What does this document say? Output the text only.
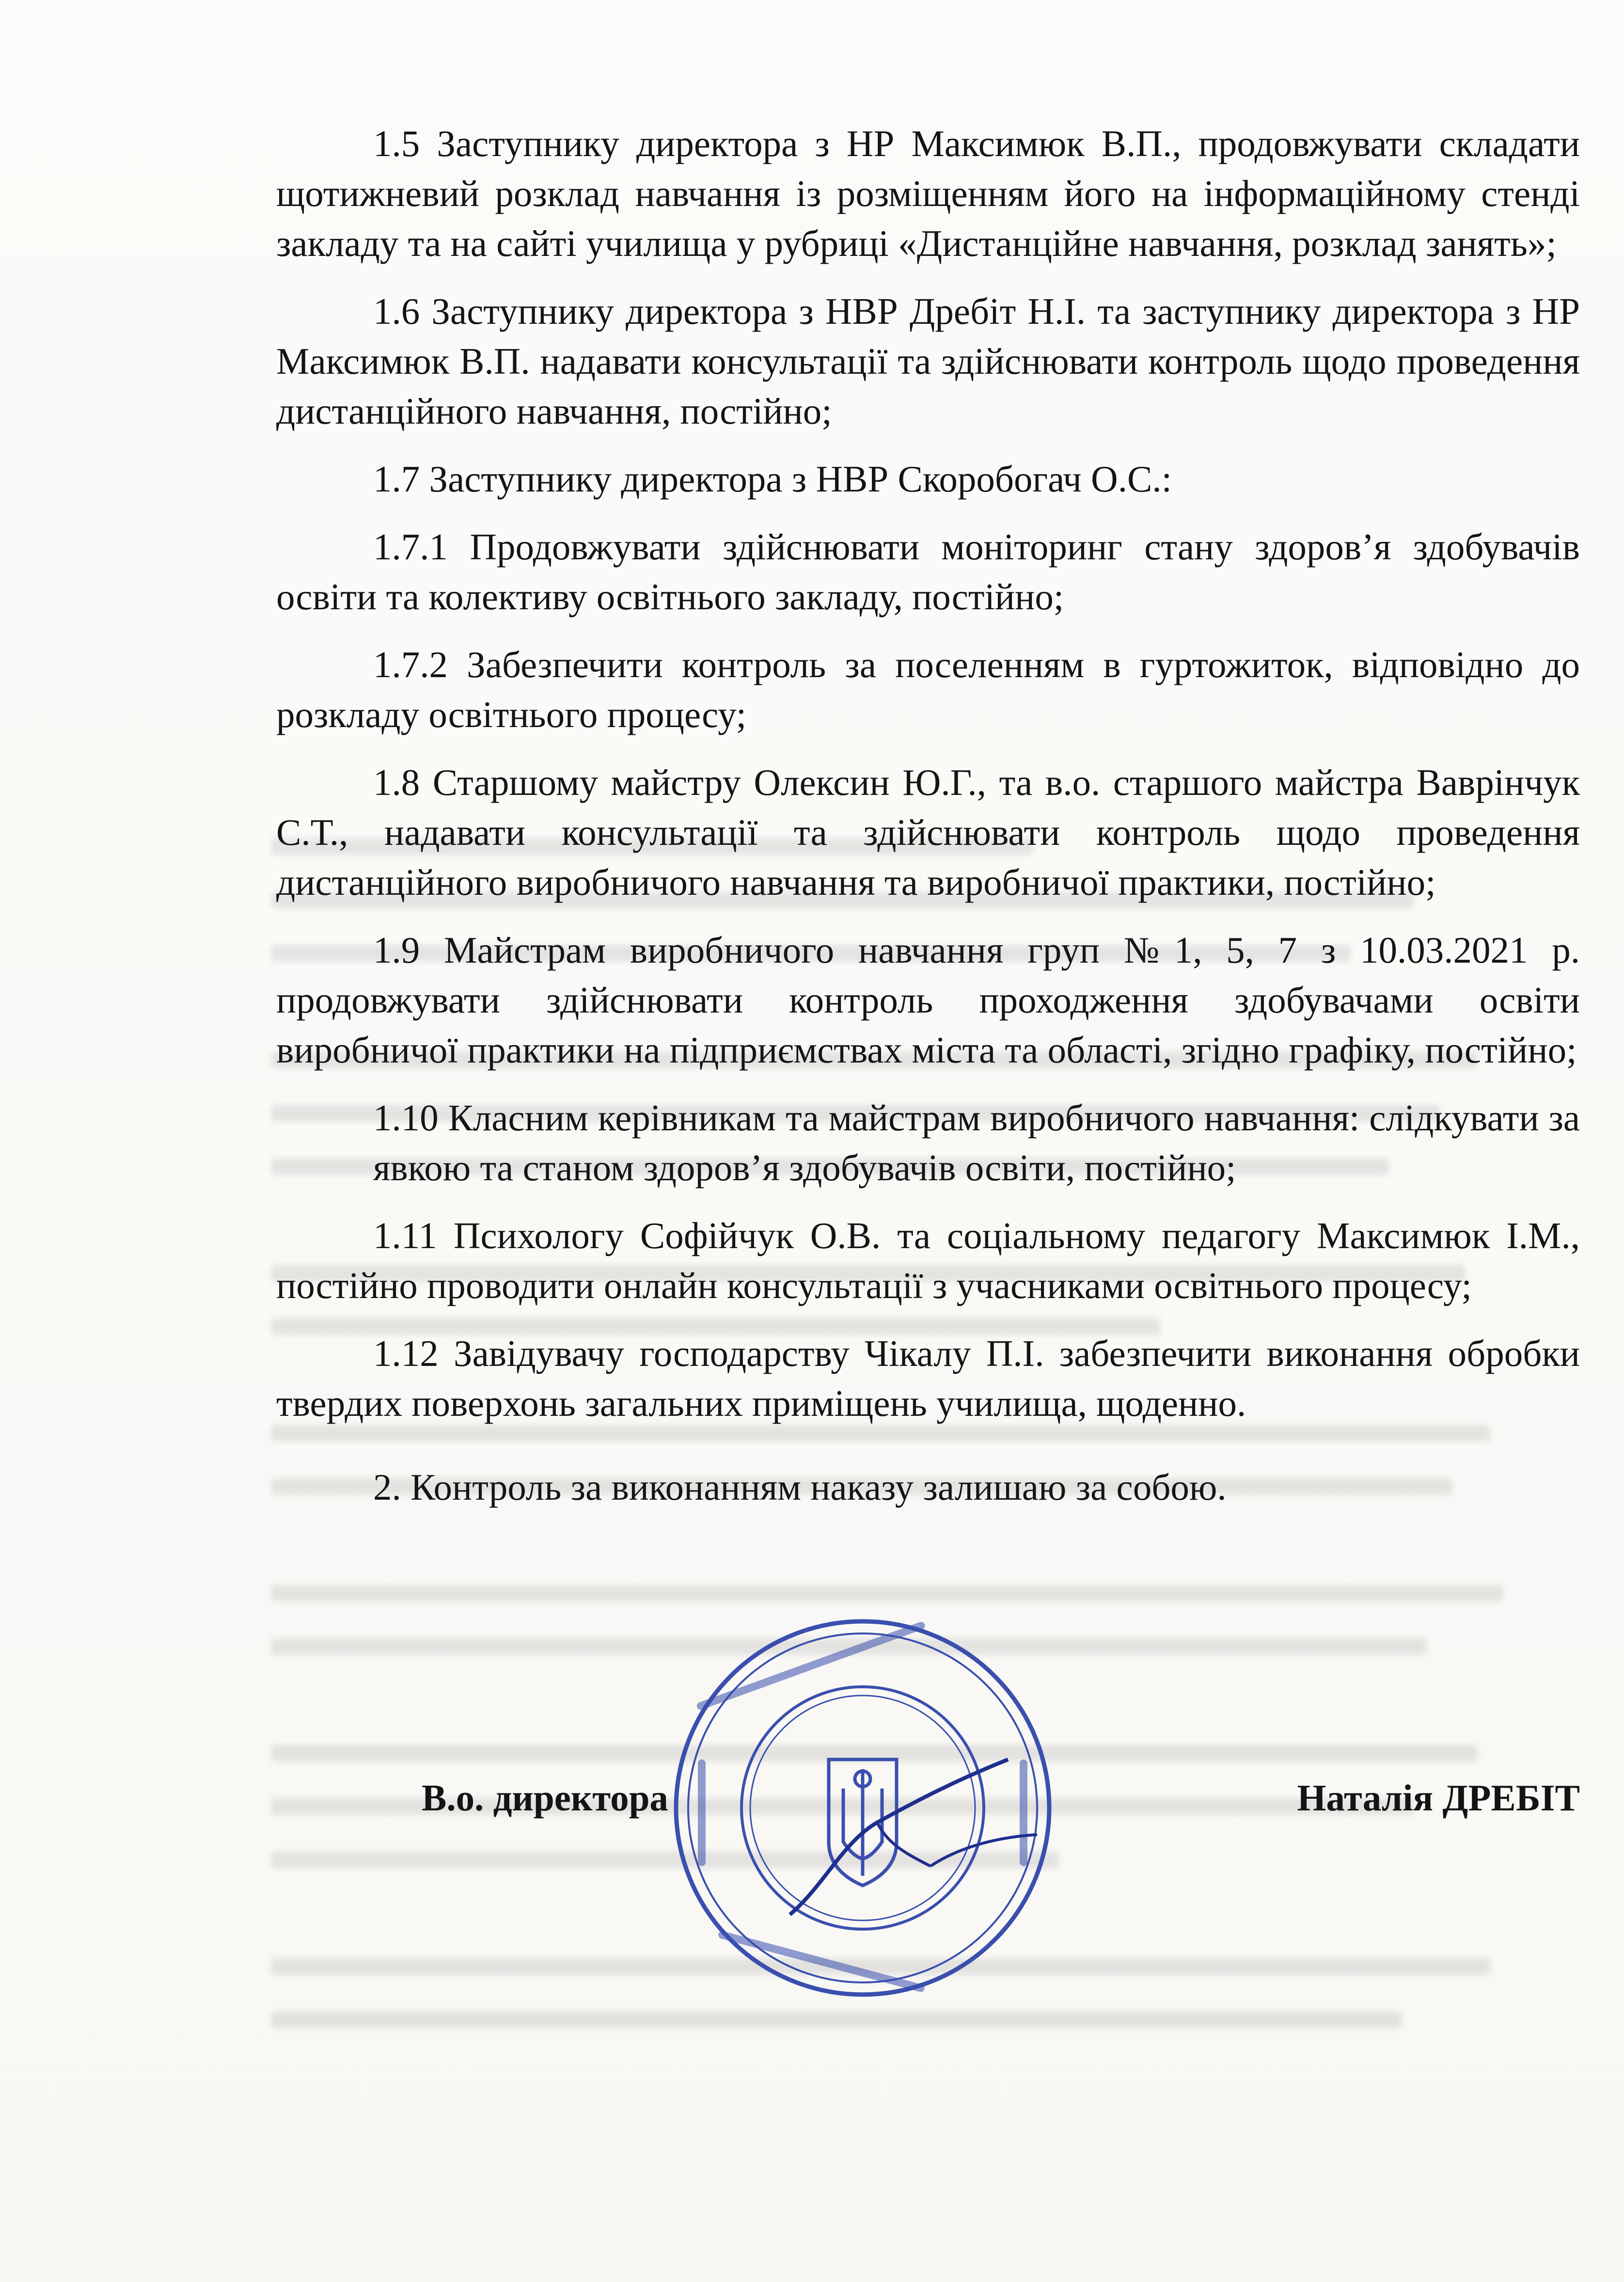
1.5 Заступнику директора з НР Максимюк В.П., продовжувати складати щотижневий розклад навчання із розміщенням його на інформаційному стенді закладу та на сайті училища у рубриці «Дистанційне навчання, розклад занять»;

1.6 Заступнику директора з НВР Дребіт Н.І. та заступнику директора з НР Максимюк В.П. надавати консультації та здійснювати контроль щодо проведення дистанційного навчання, постійно;

1.7 Заступнику директора з НВР Скоробогач О.С.:

1.7.1 Продовжувати здійснювати моніторинг стану здоров’я здобувачів освіти та колективу освітнього закладу, постійно;

1.7.2 Забезпечити контроль за поселенням в гуртожиток, відповідно до розкладу освітнього процесу;

1.8 Старшому майстру Олексин Ю.Г., та в.о. старшого майстра Ваврінчук С.Т., надавати консультації та здійснювати контроль щодо проведення дистанційного виробничого навчання та виробничої практики, постійно;

1.9 Майстрам виробничого навчання груп №1, 5, 7 з 10.03.2021 р. продовжувати здійснювати контроль проходження здобувачами освіти виробничої практики на підприємствах міста та області, згідно графіку, постійно;

1.10 Класним керівникам та майстрам виробничого навчання: слідкувати за явкою та станом здоров’я здобувачів освіти, постійно;

1.11 Психологу Софійчук О.В. та соціальному педагогу Максимюк І.М., постійно проводити онлайн консультації з учасниками освітнього процесу;

1.12 Завідувачу господарству Чікалу П.І. забезпечити виконання обробки твердих поверхонь загальних приміщень училища, щоденно.

2. Контроль за виконанням наказу залишаю за собою.

В.о. директора	Наталія ДРЕБІТ
